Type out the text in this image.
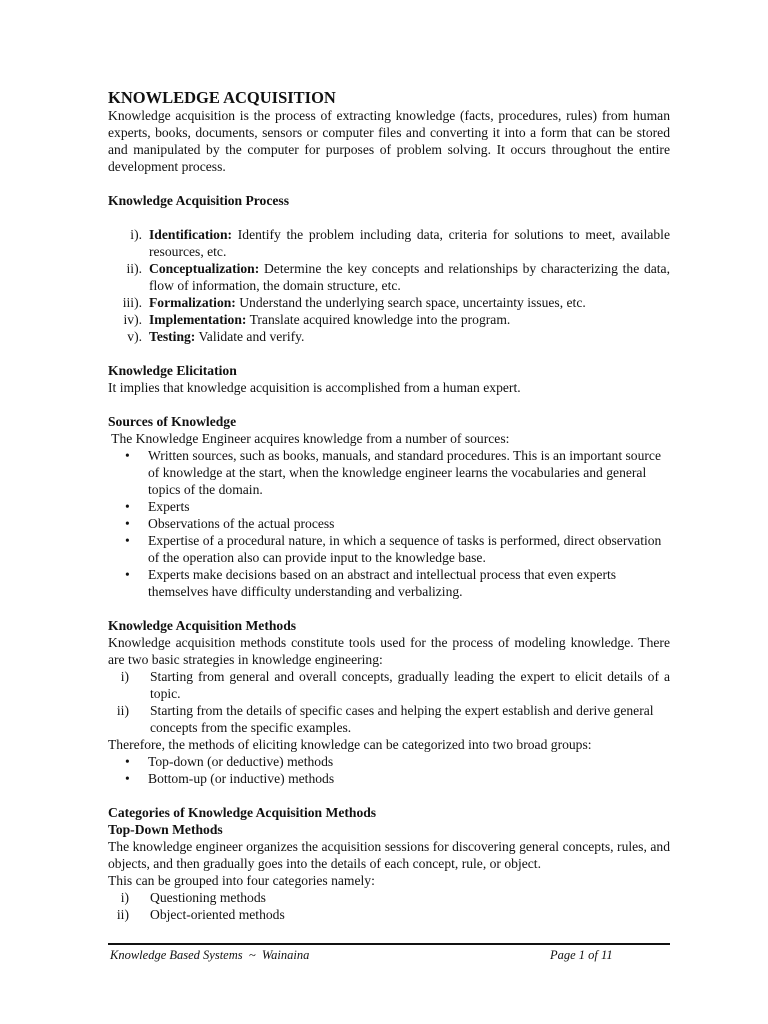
KNOWLEDGE ACQUISITION

Knowledge acquisition is the process of extracting knowledge (facts, procedures, rules) from human experts, books, documents, sensors or computer files and converting it into a form that can be stored and manipulated by the computer for purposes of problem solving. It occurs throughout the entire development process.

Knowledge Acquisition Process

i). Identification: Identify the problem including data, criteria for solutions to meet, available resources, etc.
ii). Conceptualization: Determine the key concepts and relationships by characterizing the data, flow of information, the domain structure, etc.
iii). Formalization: Understand the underlying search space, uncertainty issues, etc.
iv). Implementation: Translate acquired knowledge into the program.
v). Testing: Validate and verify.

Knowledge Elicitation

It implies that knowledge acquisition is accomplished from a human expert.

Sources of Knowledge

The Knowledge Engineer acquires knowledge from a number of sources:

• Written sources, such as books, manuals, and standard procedures. This is an important source of knowledge at the start, when the knowledge engineer learns the vocabularies and general topics of the domain.
• Experts
• Observations of the actual process
• Expertise of a procedural nature, in which a sequence of tasks is performed, direct observation of the operation also can provide input to the knowledge base.
• Experts make decisions based on an abstract and intellectual process that even experts themselves have difficulty understanding and verbalizing.

Knowledge Acquisition Methods

Knowledge acquisition methods constitute tools used for the process of modeling knowledge. There are two basic strategies in knowledge engineering:

i) Starting from general and overall concepts, gradually leading the expert to elicit details of a topic.
ii) Starting from the details of specific cases and helping the expert establish and derive general concepts from the specific examples.

Therefore, the methods of eliciting knowledge can be categorized into two broad groups:

• Top-down (or deductive) methods
• Bottom-up (or inductive) methods

Categories of Knowledge Acquisition Methods

Top-Down Methods

The knowledge engineer organizes the acquisition sessions for discovering general concepts, rules, and objects, and then gradually goes into the details of each concept, rule, or object.

This can be grouped into four categories namely:

i) Questioning methods
ii) Object-oriented methods
Knowledge Based Systems  ~  Wainaina	Page 1 of 11
